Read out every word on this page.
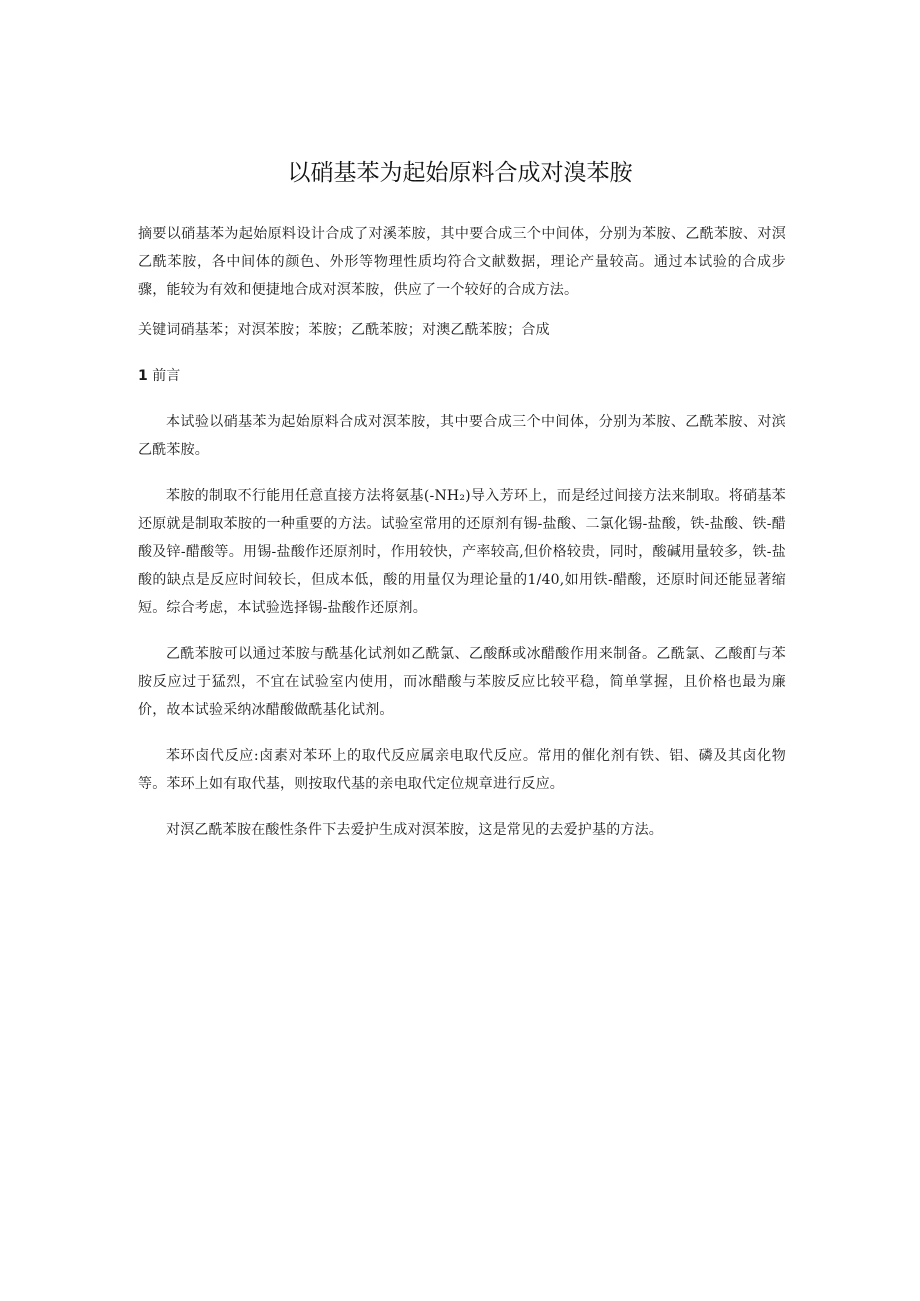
以硝基苯为起始原料合成对溴苯胺

摘要以硝基苯为起始原料设计合成了对溪苯胺，其中要合成三个中间体，分别为苯胺、乙酰苯胺、对溟乙酰苯胺，各中间体的颜色、外形等物理性质均符合文献数据，理论产量较高。通过本试验的合成步骤，能较为有效和便捷地合成对溟苯胺，供应了一个较好的合成方法。

关键词硝基苯；对溟苯胺；苯胺；乙酰苯胺；对澳乙酰苯胺；合成

1 前言

本试验以硝基苯为起始原料合成对溟苯胺，其中要合成三个中间体，分别为苯胺、乙酰苯胺、对滨乙酰苯胺。

苯胺的制取不行能用任意直接方法将氨基(-NH₂)导入芳环上，而是经过间接方法来制取。将硝基苯还原就是制取苯胺的一种重要的方法。试验室常用的还原剂有锡-盐酸、二氯化锡-盐酸，铁-盐酸、铁-醋酸及锌-醋酸等。用锡-盐酸作还原剂时，作用较快，产率较高,但价格较贵，同时，酸碱用量较多，铁-盐酸的缺点是反应时间较长，但成本低，酸的用量仅为理论量的1/40,如用铁-醋酸，还原时间还能显著缩短。综合考虑，本试验选择锡-盐酸作还原剂。

乙酰苯胺可以通过苯胺与酰基化试剂如乙酰氯、乙酸酥或冰醋酸作用来制备。乙酰氯、乙酸酊与苯胺反应过于猛烈，不宜在试验室内使用，而冰醋酸与苯胺反应比较平稳，简单掌握，且价格也最为廉价，故本试验采纳冰醋酸做酰基化试剂。

苯环卤代反应:卤素对苯环上的取代反应属亲电取代反应。常用的催化剂有铁、铝、磷及其卤化物等。苯环上如有取代基，则按取代基的亲电取代定位规章进行反应。

对溟乙酰苯胺在酸性条件下去爱护生成对溟苯胺，这是常见的去爱护基的方法。
